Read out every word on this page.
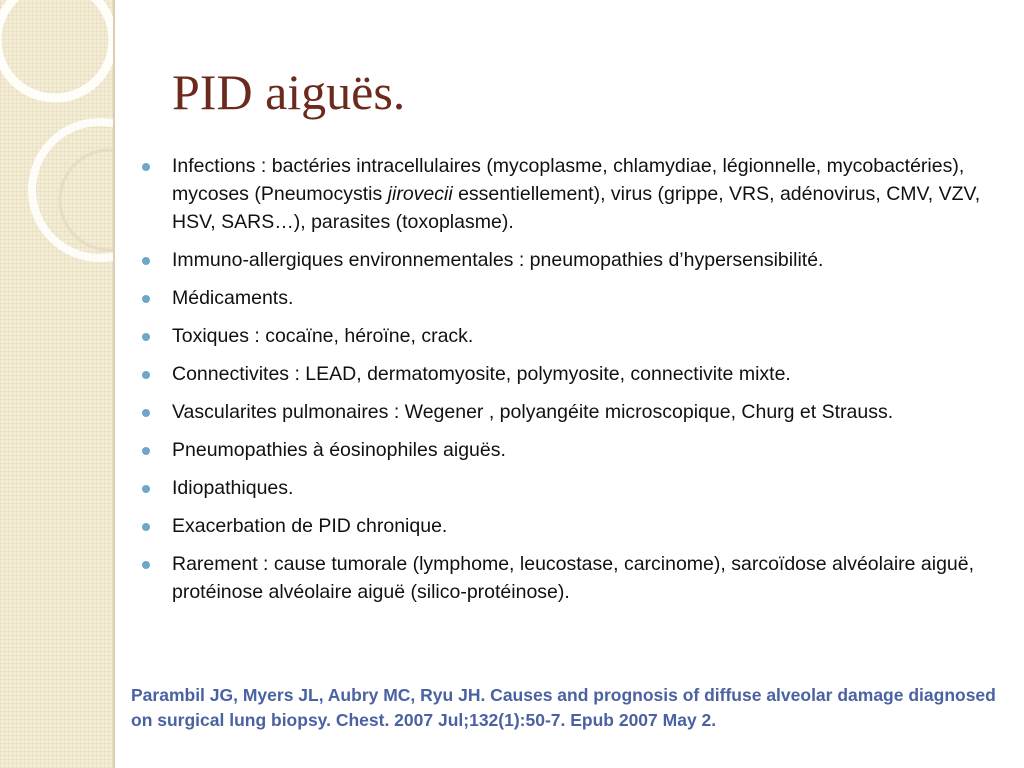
PID aiguës.
Infections : bactéries intracellulaires (mycoplasme, chlamydiae, légionnelle, mycobactéries), mycoses (Pneumocystis jirovecii essentiellement), virus (grippe, VRS, adénovirus, CMV, VZV, HSV, SARS…), parasites (toxoplasme).
Immuno-allergiques environnementales : pneumopathies d’hypersensibilité.
Médicaments.
Toxiques : cocaïne, héroïne, crack.
Connectivites : LEAD, dermatomyosite, polymyosite, connectivite mixte.
Vascularites pulmonaires : Wegener , polyangéite microscopique, Churg et Strauss.
Pneumopathies à éosinophiles aiguës.
Idiopathiques.
Exacerbation de PID chronique.
Rarement : cause tumorale (lymphome, leucostase, carcinome), sarcoïdose alvéolaire aiguë, protéinose alvéolaire aiguë (silico-protéinose).

Parambil JG, Myers JL, Aubry MC, Ryu JH. Causes and prognosis of diffuse alveolar damage diagnosed on surgical lung biopsy. Chest. 2007 Jul;132(1):50-7. Epub 2007 May 2.
